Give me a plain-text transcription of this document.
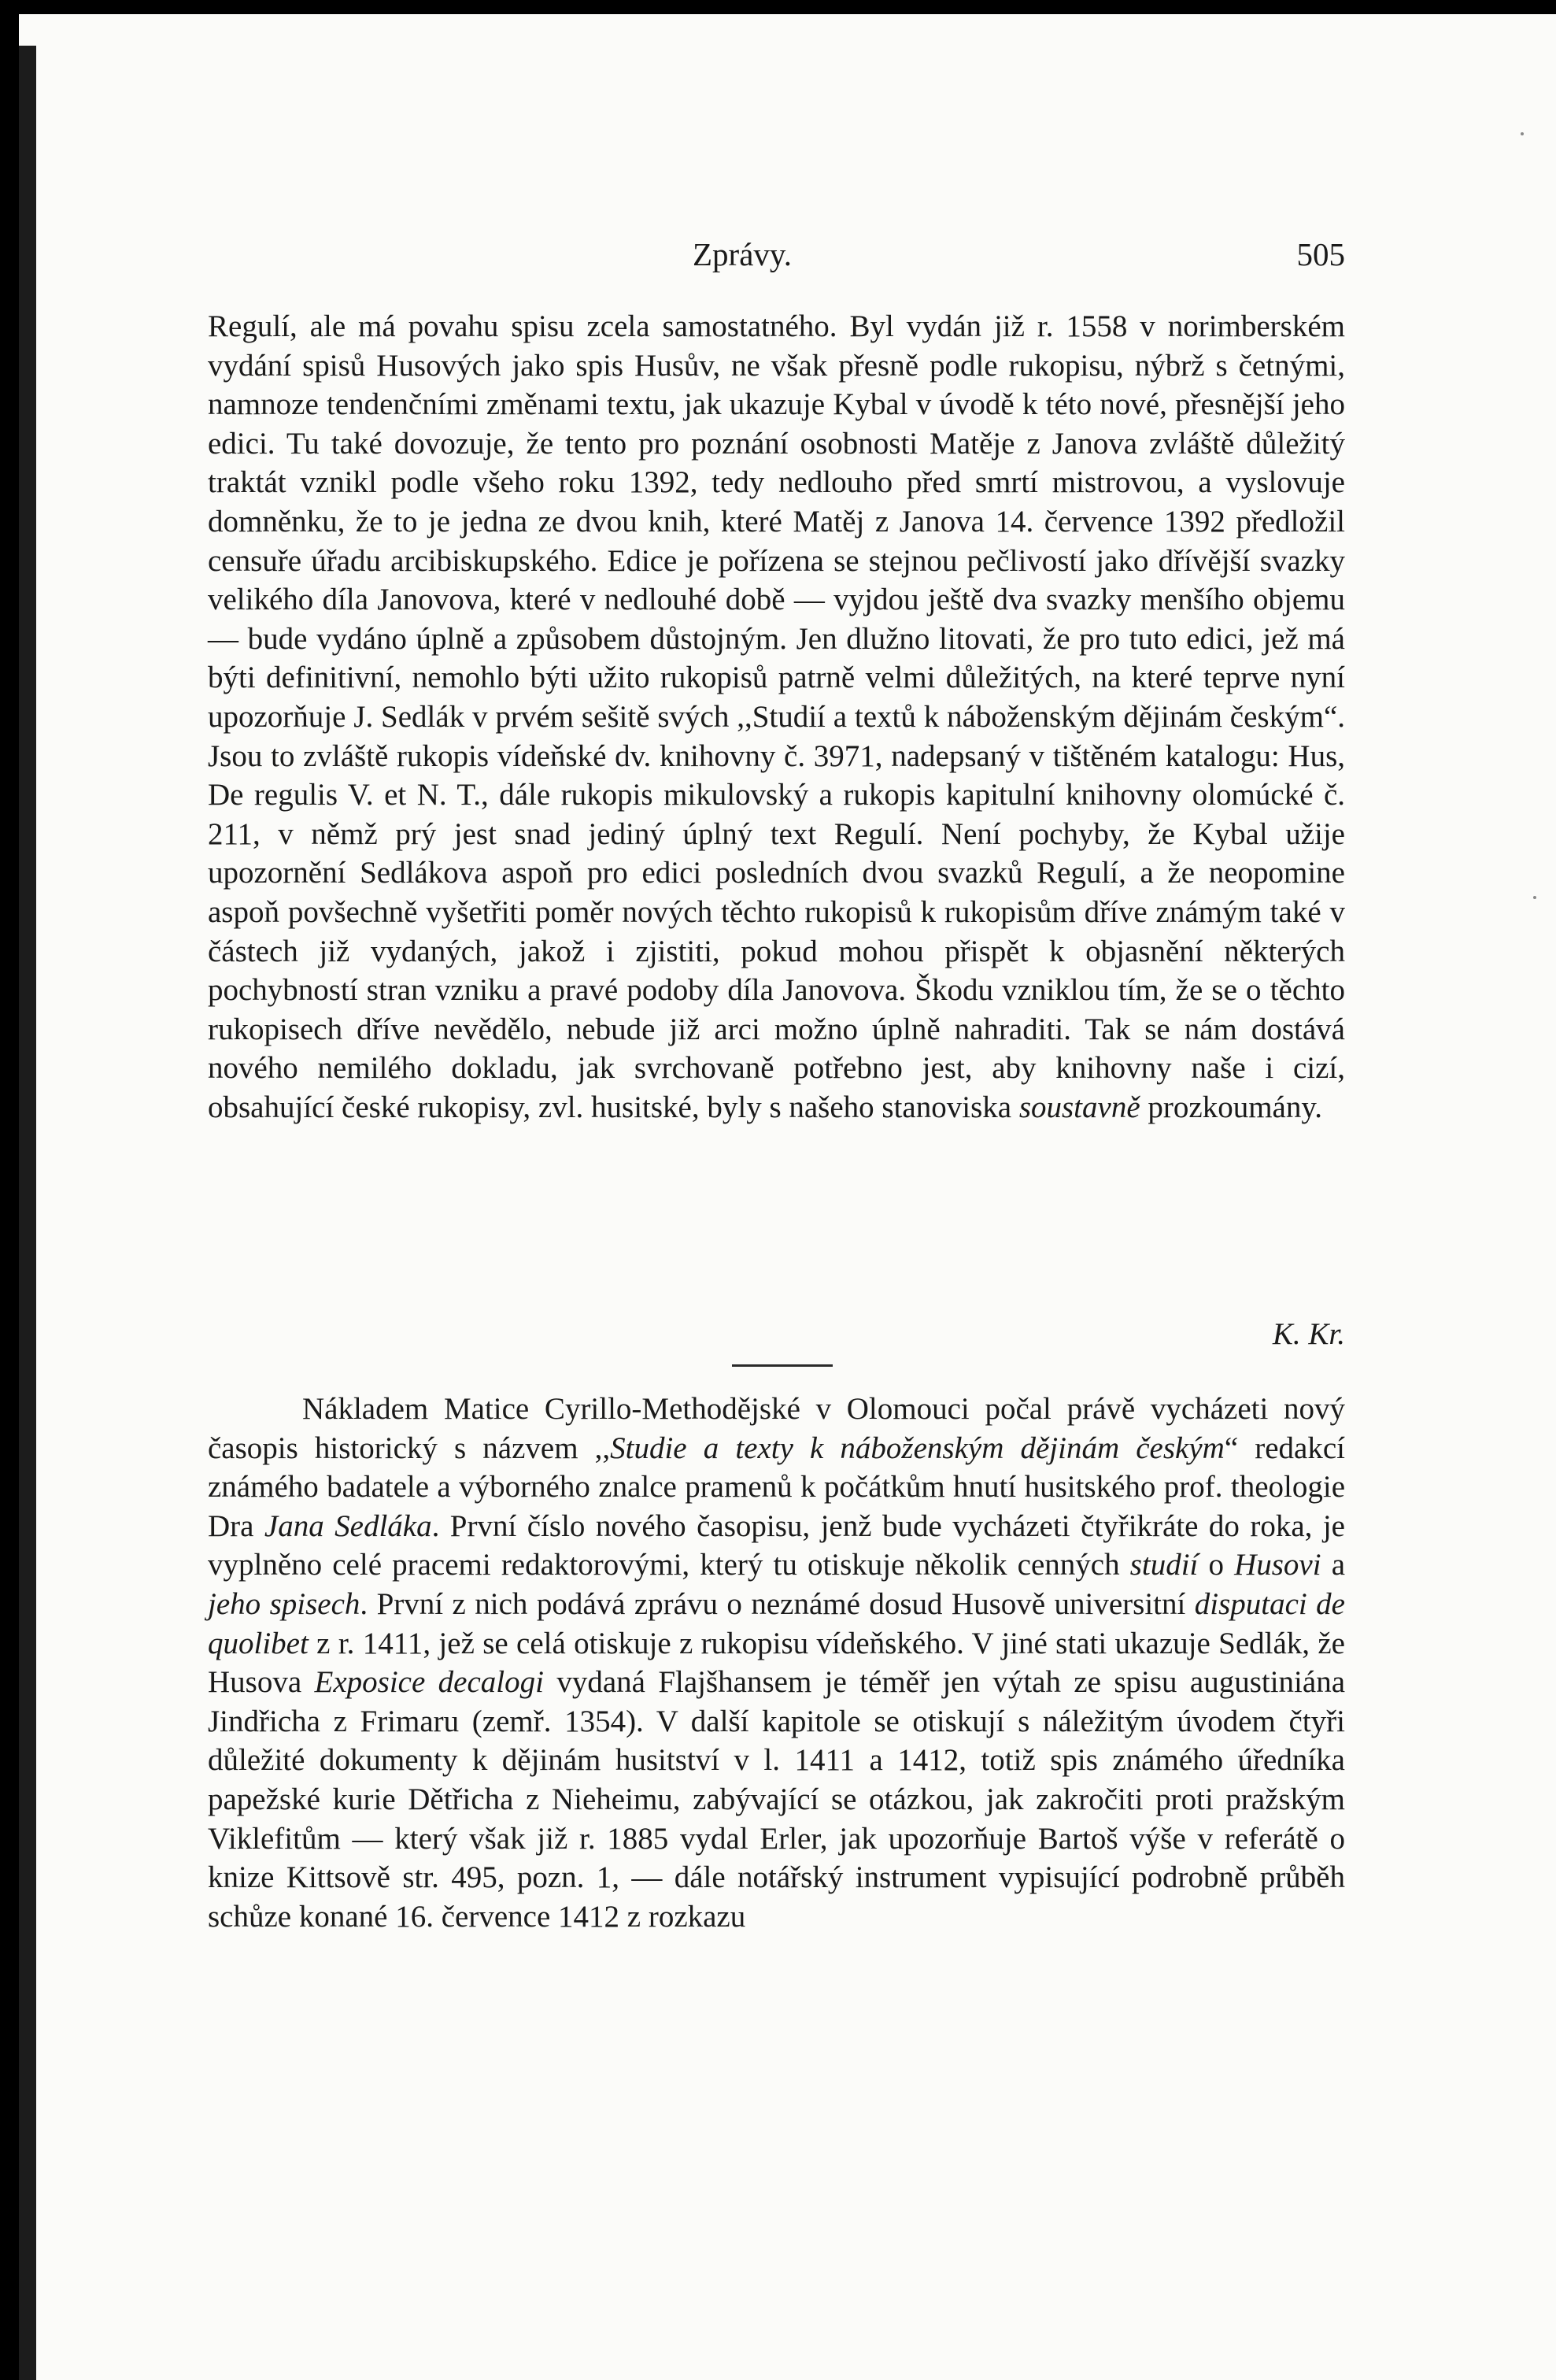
Zprávy.	505

Regulí, ale má povahu spisu zcela samostatného. Byl vydán již r. 1558 v norimberském vydání spisů Husových jako spis Husův, ne však přesně podle rukopisu, nýbrž s četnými, namnoze tendenčními změnami textu, jak ukazuje Kybal v úvodě k této nové, přesnější jeho edici. Tu také dovozuje, že tento pro poznání osobnosti Matěje z Janova zvláště důležitý traktát vznikl podle všeho roku 1392, tedy nedlouho před smrtí mistrovou, a vyslovuje domněnku, že to je jedna ze dvou knih, které Matěj z Janova 14. července 1392 předložil censuře úřadu arcibiskupského. Edice je pořízena se stejnou pečlivostí jako dřívější svazky velikého díla Janovova, které v nedlouhé době — vyjdou ještě dva svazky menšího objemu — bude vydáno úplně a způsobem důstojným. Jen dlužno litovati, že pro tuto edici, jež má býti definitivní, nemohlo býti užito rukopisů patrně velmi důležitých, na které teprve nyní upozorňuje J. Sedlák v prvém sešitě svých ,,Studií a textů k náboženským dějinám českým“. Jsou to zvláště rukopis vídeňské dv. knihovny č. 3971, nadepsaný v tištěném katalogu: Hus, De regulis V. et N. T., dále rukopis mikulovský a rukopis kapitulní knihovny olomúcké č. 211, v němž prý jest snad jediný úplný text Regulí. Není pochyby, že Kybal užije upozornění Sedlákova aspoň pro edici posledních dvou svazků Regulí, a že neopomine aspoň povšechně vyšetřiti poměr nových těchto rukopisů k rukopisům dříve známým také v částech již vydaných, jakož i zjistiti, pokud mohou přispět k objasnění některých pochybností stran vzniku a pravé podoby díla Janovova. Škodu vzniklou tím, že se o těchto rukopisech dříve nevědělo, nebude již arci možno úplně nahraditi. Tak se nám dostává nového nemilého dokladu, jak svrchovaně potřebno jest, aby knihovny naše i cizí, obsahující české rukopisy, zvl. husitské, byly s našeho stanoviska soustavně prozkoumány.

K. Kr.

Nákladem Matice Cyrillo-Methodějské v Olomouci počal právě vycházeti nový časopis historický s názvem ,,Studie a texty k náboženským dějinám českým“ redakcí známého badatele a výborného znalce pramenů k počátkům hnutí husitského prof. theologie Dra Jana Sedláka. První číslo nového časopisu, jenž bude vycházeti čtyřikráte do roka, je vyplněno celé pracemi redaktorovými, který tu otiskuje několik cenných studií o Husovi a jeho spisech. První z nich podává zprávu o neznámé dosud Husově universitní disputaci de quolibet z r. 1411, jež se celá otiskuje z rukopisu vídeňského. V jiné stati ukazuje Sedlák, že Husova Exposice decalogi vydaná Flajšhansem je téměř jen výtah ze spisu augustiniána Jindřicha z Frimaru (zemř. 1354). V další kapitole se otiskují s náležitým úvodem čtyři důležité dokumenty k dějinám husitství v l. 1411 a 1412, totiž spis známého úředníka papežské kurie Dětřicha z Nieheimu, zabývající se otázkou, jak zakročiti proti pražským Viklefitům — který však již r. 1885 vydal Erler, jak upozorňuje Bartoš výše v referátě o knize Kittsově str. 495, pozn. 1, — dále notářský instrument vypisující podrobně průběh schůze konané 16. července 1412 z rozkazu
